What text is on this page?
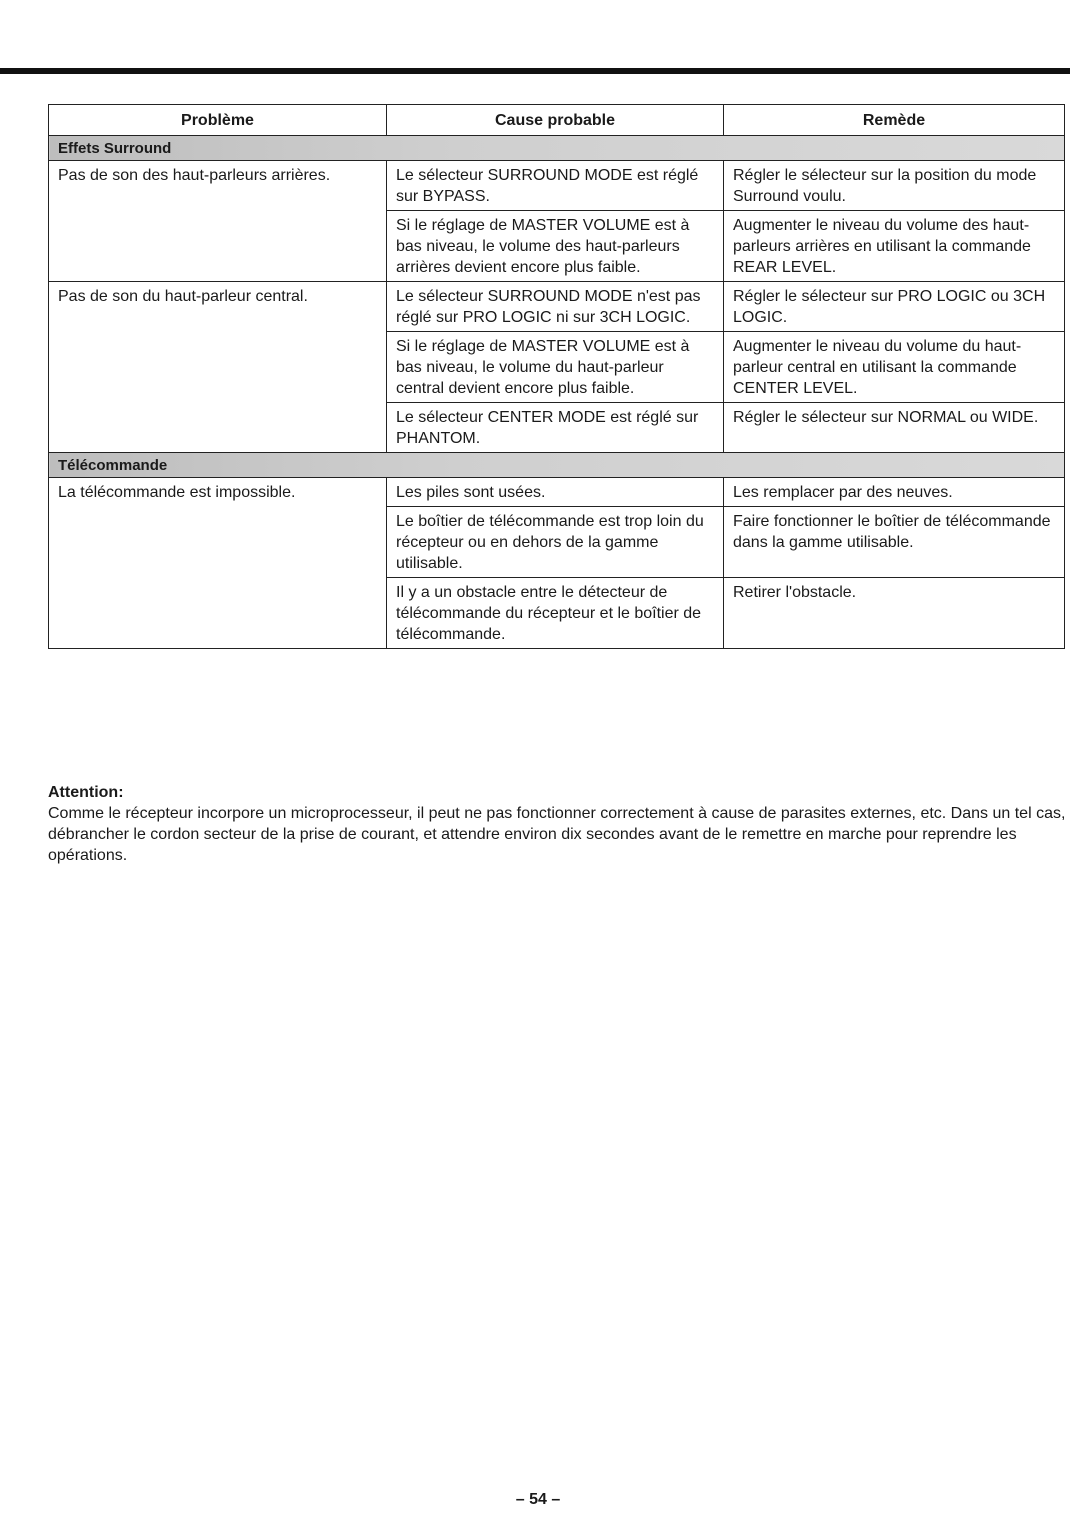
Problème	Cause probable	Remède
Effets Surround		
Pas de son des haut-parleurs arrières.	Le sélecteur SURROUND MODE est réglé sur BYPASS.	Régler le sélecteur sur la position du mode Surround voulu.
	Si le réglage de MASTER VOLUME est à bas niveau, le volume des haut-parleurs arrières devient encore plus faible.	Augmenter le niveau du volume des haut-parleurs arrières en utilisant la commande REAR LEVEL.
Pas de son du haut-parleur central.	Le sélecteur SURROUND MODE n'est pas réglé sur PRO LOGIC ni sur 3CH LOGIC.	Régler le sélecteur sur PRO LOGIC ou 3CH LOGIC.
	Si le réglage de MASTER VOLUME est à bas niveau, le volume du haut-parleur central devient encore plus faible.	Augmenter le niveau du volume du haut-parleur central en utilisant la commande CENTER LEVEL.
	Le sélecteur CENTER MODE est réglé sur PHANTOM.	Régler le sélecteur sur NORMAL ou WIDE.
Télécommande		
La télécommande est impossible.	Les piles sont usées.	Les remplacer par des neuves.
	Le boîtier de télécommande est trop loin du récepteur ou en dehors de la gamme utilisable.	Faire fonctionner le boîtier de télécommande dans la gamme utilisable.
	Il y a un obstacle entre le détecteur de télécommande du récepteur et le boîtier de télécommande.	Retirer l'obstacle.
Attention:
Comme le récepteur incorpore un microprocesseur, il peut ne pas fonctionner correctement à cause de parasites externes, etc. Dans un tel cas, débrancher le cordon secteur de la prise de courant, et attendre environ dix secondes avant de le remettre en marche pour reprendre les opérations.
– 54 –
